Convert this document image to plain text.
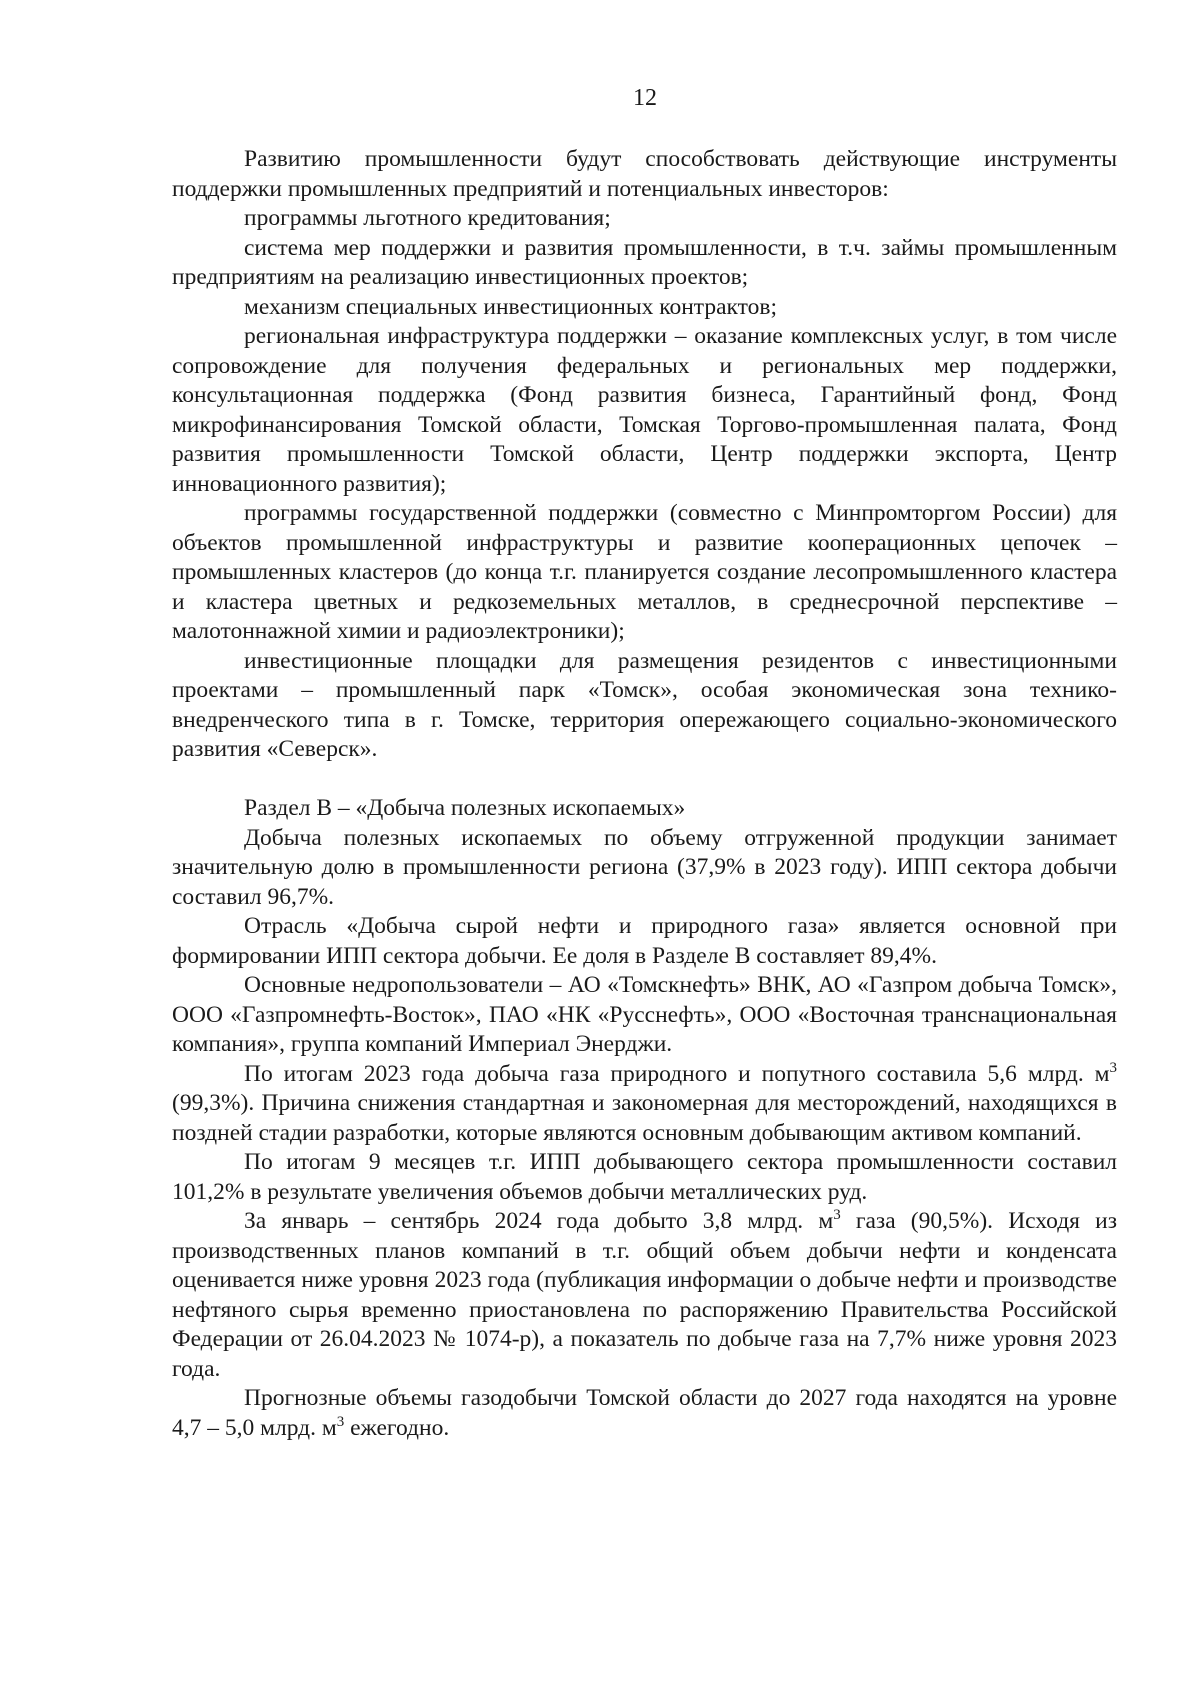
12

Развитию промышленности будут способствовать действующие инструменты поддержки промышленных предприятий и потенциальных инвесторов:

программы льготного кредитования;

система мер поддержки и развития промышленности, в т.ч. займы промышленным предприятиям на реализацию инвестиционных проектов;

механизм специальных инвестиционных контрактов;

региональная инфраструктура поддержки – оказание комплексных услуг, в том числе сопровождение для получения федеральных и региональных мер поддержки, консультационная поддержка (Фонд развития бизнеса, Гарантийный фонд, Фонд микрофинансирования Томской области, Томская Торгово-промышленная палата, Фонд развития промышленности Томской области, Центр поддержки экспорта, Центр инновационного развития);

программы государственной поддержки (совместно с Минпромторгом России) для объектов промышленной инфраструктуры и развитие кооперационных цепочек – промышленных кластеров (до конца т.г. планируется создание лесопромышленного кластера и кластера цветных и редкоземельных металлов, в среднесрочной перспективе – малотоннажной химии и радиоэлектроники);

инвестиционные площадки для размещения резидентов с инвестиционными проектами – промышленный парк «Томск», особая экономическая зона технико-внедренческого типа в г. Томске, территория опережающего социально-экономического развития «Северск».

Раздел B – «Добыча полезных ископаемых»

Добыча полезных ископаемых по объему отгруженной продукции занимает значительную долю в промышленности региона (37,9% в 2023 году). ИПП сектора добычи составил 96,7%.

Отрасль «Добыча сырой нефти и природного газа» является основной при формировании ИПП сектора добычи. Ее доля в Разделе B составляет 89,4%.

Основные недропользователи – АО «Томскнефть» ВНК, АО «Газпром добыча Томск», ООО «Газпромнефть-Восток», ПАО «НК «Русснефть», ООО «Восточная транснациональная компания», группа компаний Империал Энерджи.

По итогам 2023 года добыча газа природного и попутного составила 5,6 млрд. $м^3$ (99,3%). Причина снижения стандартная и закономерная для месторождений, находящихся в поздней стадии разработки, которые являются основным добывающим активом компаний.

По итогам 9 месяцев т.г. ИПП добывающего сектора промышленности составил 101,2% в результате увеличения объемов добычи металлических руд.

За январь – сентябрь 2024 года добыто 3,8 млрд. $м^3$ газа (90,5%). Исходя из производственных планов компаний в т.г. общий объем добычи нефти и конденсата оценивается ниже уровня 2023 года (публикация информации о добыче нефти и производстве нефтяного сырья временно приостановлена по распоряжению Правительства Российской Федерации от 26.04.2023 № 1074-р), а показатель по добыче газа на 7,7% ниже уровня 2023 года.

Прогнозные объемы газодобычи Томской области до 2027 года находятся на уровне 4,7 – 5,0 млрд. $м^3$ ежегодно.
